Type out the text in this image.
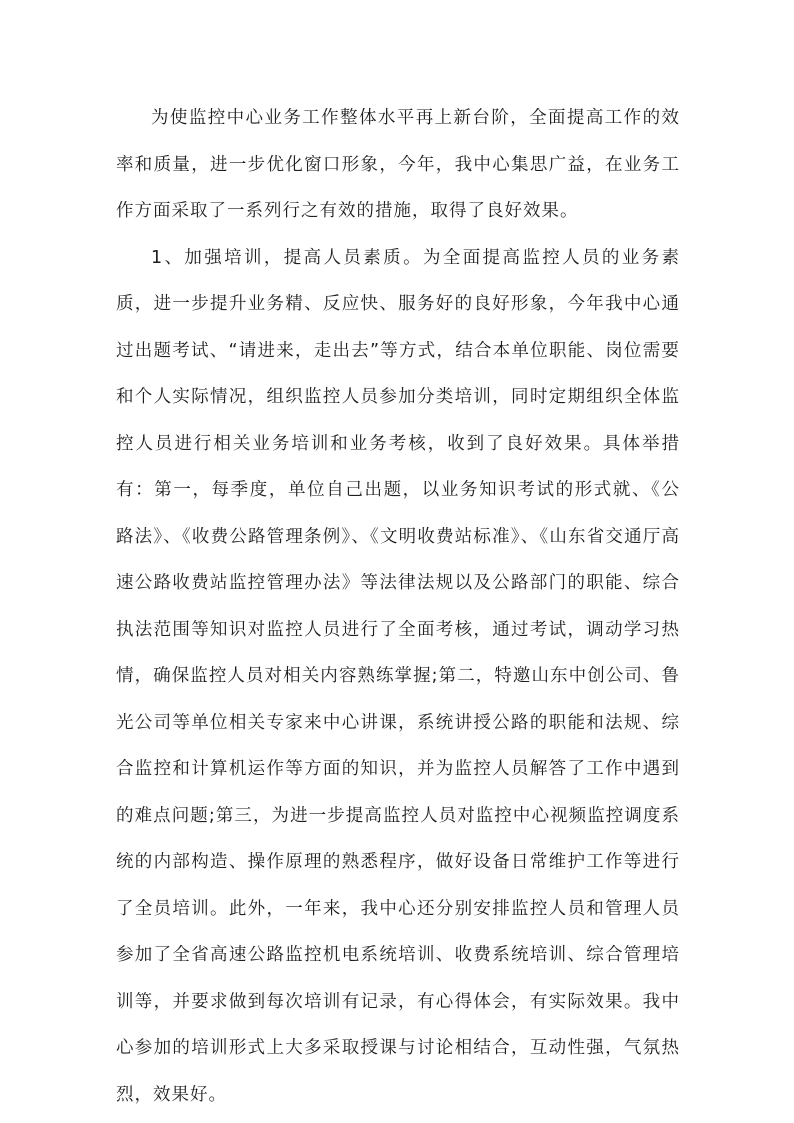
为使监控中心业务工作整体水平再上新台阶，全面提高工作的效率和质量，进一步优化窗口形象，今年，我中心集思广益，在业务工作方面采取了一系列行之有效的措施，取得了良好效果。

1、加强培训，提高人员素质。为全面提高监控人员的业务素质，进一步提升业务精、反应快、服务好的良好形象，今年我中心通过出题考试、“请进来，走出去”等方式，结合本单位职能、岗位需要和个人实际情况，组织监控人员参加分类培训，同时定期组织全体监控人员进行相关业务培训和业务考核，收到了良好效果。具体举措有：第一，每季度，单位自己出题，以业务知识考试的形式就、《公路法》、《收费公路管理条例》、《文明收费站标准》、《山东省交通厅高速公路收费站监控管理办法》等法律法规以及公路部门的职能、综合执法范围等知识对监控人员进行了全面考核，通过考试，调动学习热情，确保监控人员对相关内容熟练掌握;第二，特邀山东中创公司、鲁光公司等单位相关专家来中心讲课，系统讲授公路的职能和法规、综合监控和计算机运作等方面的知识，并为监控人员解答了工作中遇到的难点问题;第三，为进一步提高监控人员对监控中心视频监控调度系统的内部构造、操作原理的熟悉程序，做好设备日常维护工作等进行了全员培训。此外，一年来，我中心还分别安排监控人员和管理人员参加了全省高速公路监控机电系统培训、收费系统培训、综合管理培训等，并要求做到每次培训有记录，有心得体会，有实际效果。我中心参加的培训形式上大多采取授课与讨论相结合，互动性强，气氛热烈，效果好。
